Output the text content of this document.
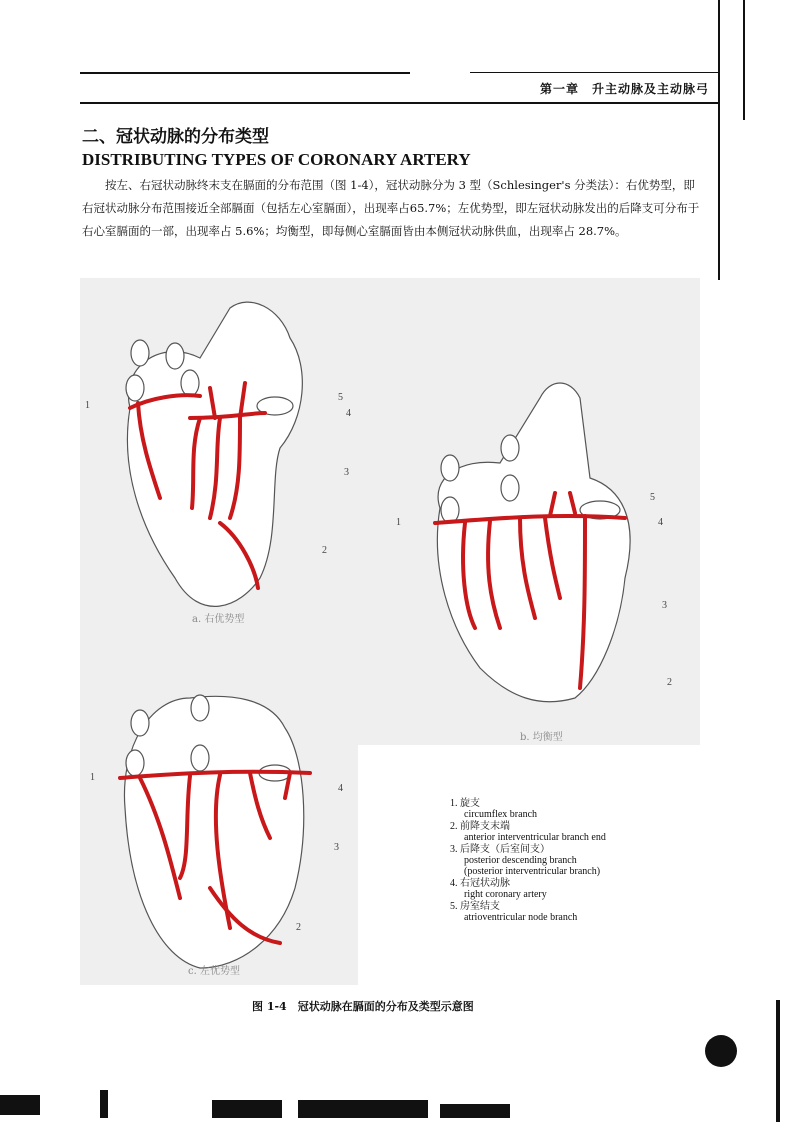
第一章　升主动脉及主动脉弓
二、冠状动脉的分布类型
DISTRIBUTING TYPES OF CORONARY ARTERY
按左、右冠状动脉终末支在膈面的分布范围（图 1-4），冠状动脉分为 3 型（Schlesinger's 分类法）：右优势型，即右冠状动脉分布范围接近全部膈面（包括左心室膈面），出现率占65.7%；左优势型，即左冠状动脉发出的后降支可分布于右心室膈面的一部，出现率占 5.6%；均衡型，即每侧心室膈面皆由本侧冠状动脉供血，出现率占 28.7%。
1
5
4
3
2
a. 右优势型
5
1	4
3
2
b. 均衡型
1
4
3
2
c. 左优势型
1. 旋支
circumflex branch
2. 前降支末端
anterior interventricular branch end
3. 后降支（后室间支）
posterior descending branch
(posterior interventricular branch)
4. 右冠状动脉
right coronary artery
5. 房室结支
atrioventricular node branch
图 1-4　冠状动脉在膈面的分布及类型示意图
